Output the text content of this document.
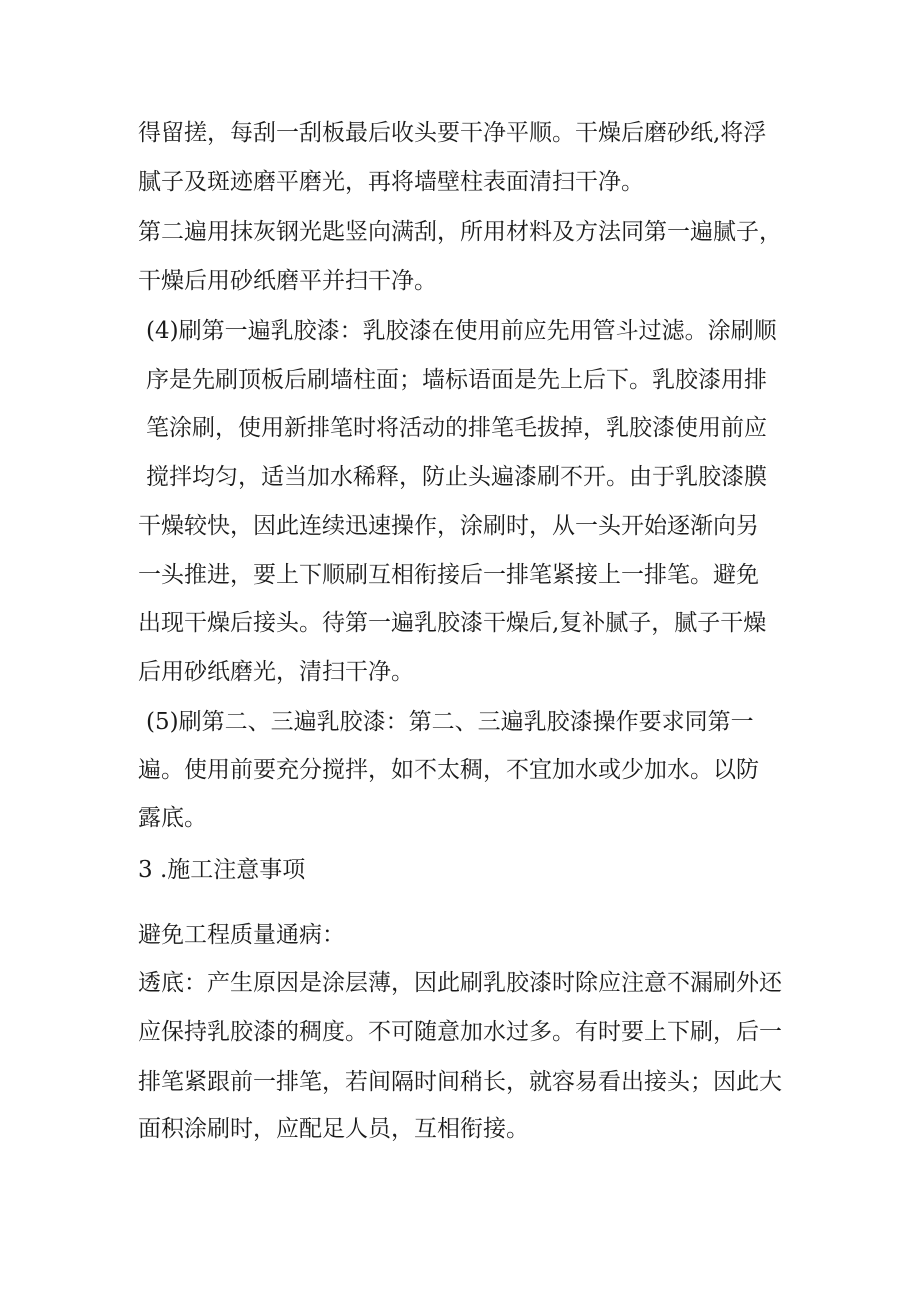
得留搓，每刮一刮板最后收头要干净平顺。干燥后磨砂纸,将浮

腻子及斑迹磨平磨光，再将墙壁柱表面清扫干净。

第二遍用抹灰钢光匙竖向满刮，所用材料及方法同第一遍腻子，

干燥后用砂纸磨平并扫干净。

(4)刷第一遍乳胶漆：乳胶漆在使用前应先用管斗过滤。涂刷顺

序是先刷顶板后刷墙柱面；墙标语面是先上后下。乳胶漆用排

笔涂刷，使用新排笔时将活动的排笔毛拔掉，乳胶漆使用前应

搅拌均匀，适当加水稀释，防止头遍漆刷不开。由于乳胶漆膜

干燥较快，因此连续迅速操作，涂刷时，从一头开始逐渐向另

一头推进，要上下顺刷互相衔接后一排笔紧接上一排笔。避免

出现干燥后接头。待第一遍乳胶漆干燥后,复补腻子，腻子干燥

后用砂纸磨光，清扫干净。

(5)刷第二、三遍乳胶漆：第二、三遍乳胶漆操作要求同第一

遍。使用前要充分搅拌，如不太稠，不宜加水或少加水。以防

露底。

3 .施工注意事项

避免工程质量通病：

透底：产生原因是涂层薄，因此刷乳胶漆时除应注意不漏刷外还

应保持乳胶漆的稠度。不可随意加水过多。有时要上下刷，后一

排笔紧跟前一排笔，若间隔时间稍长，就容易看出接头；因此大

面积涂刷时，应配足人员，互相衔接。
